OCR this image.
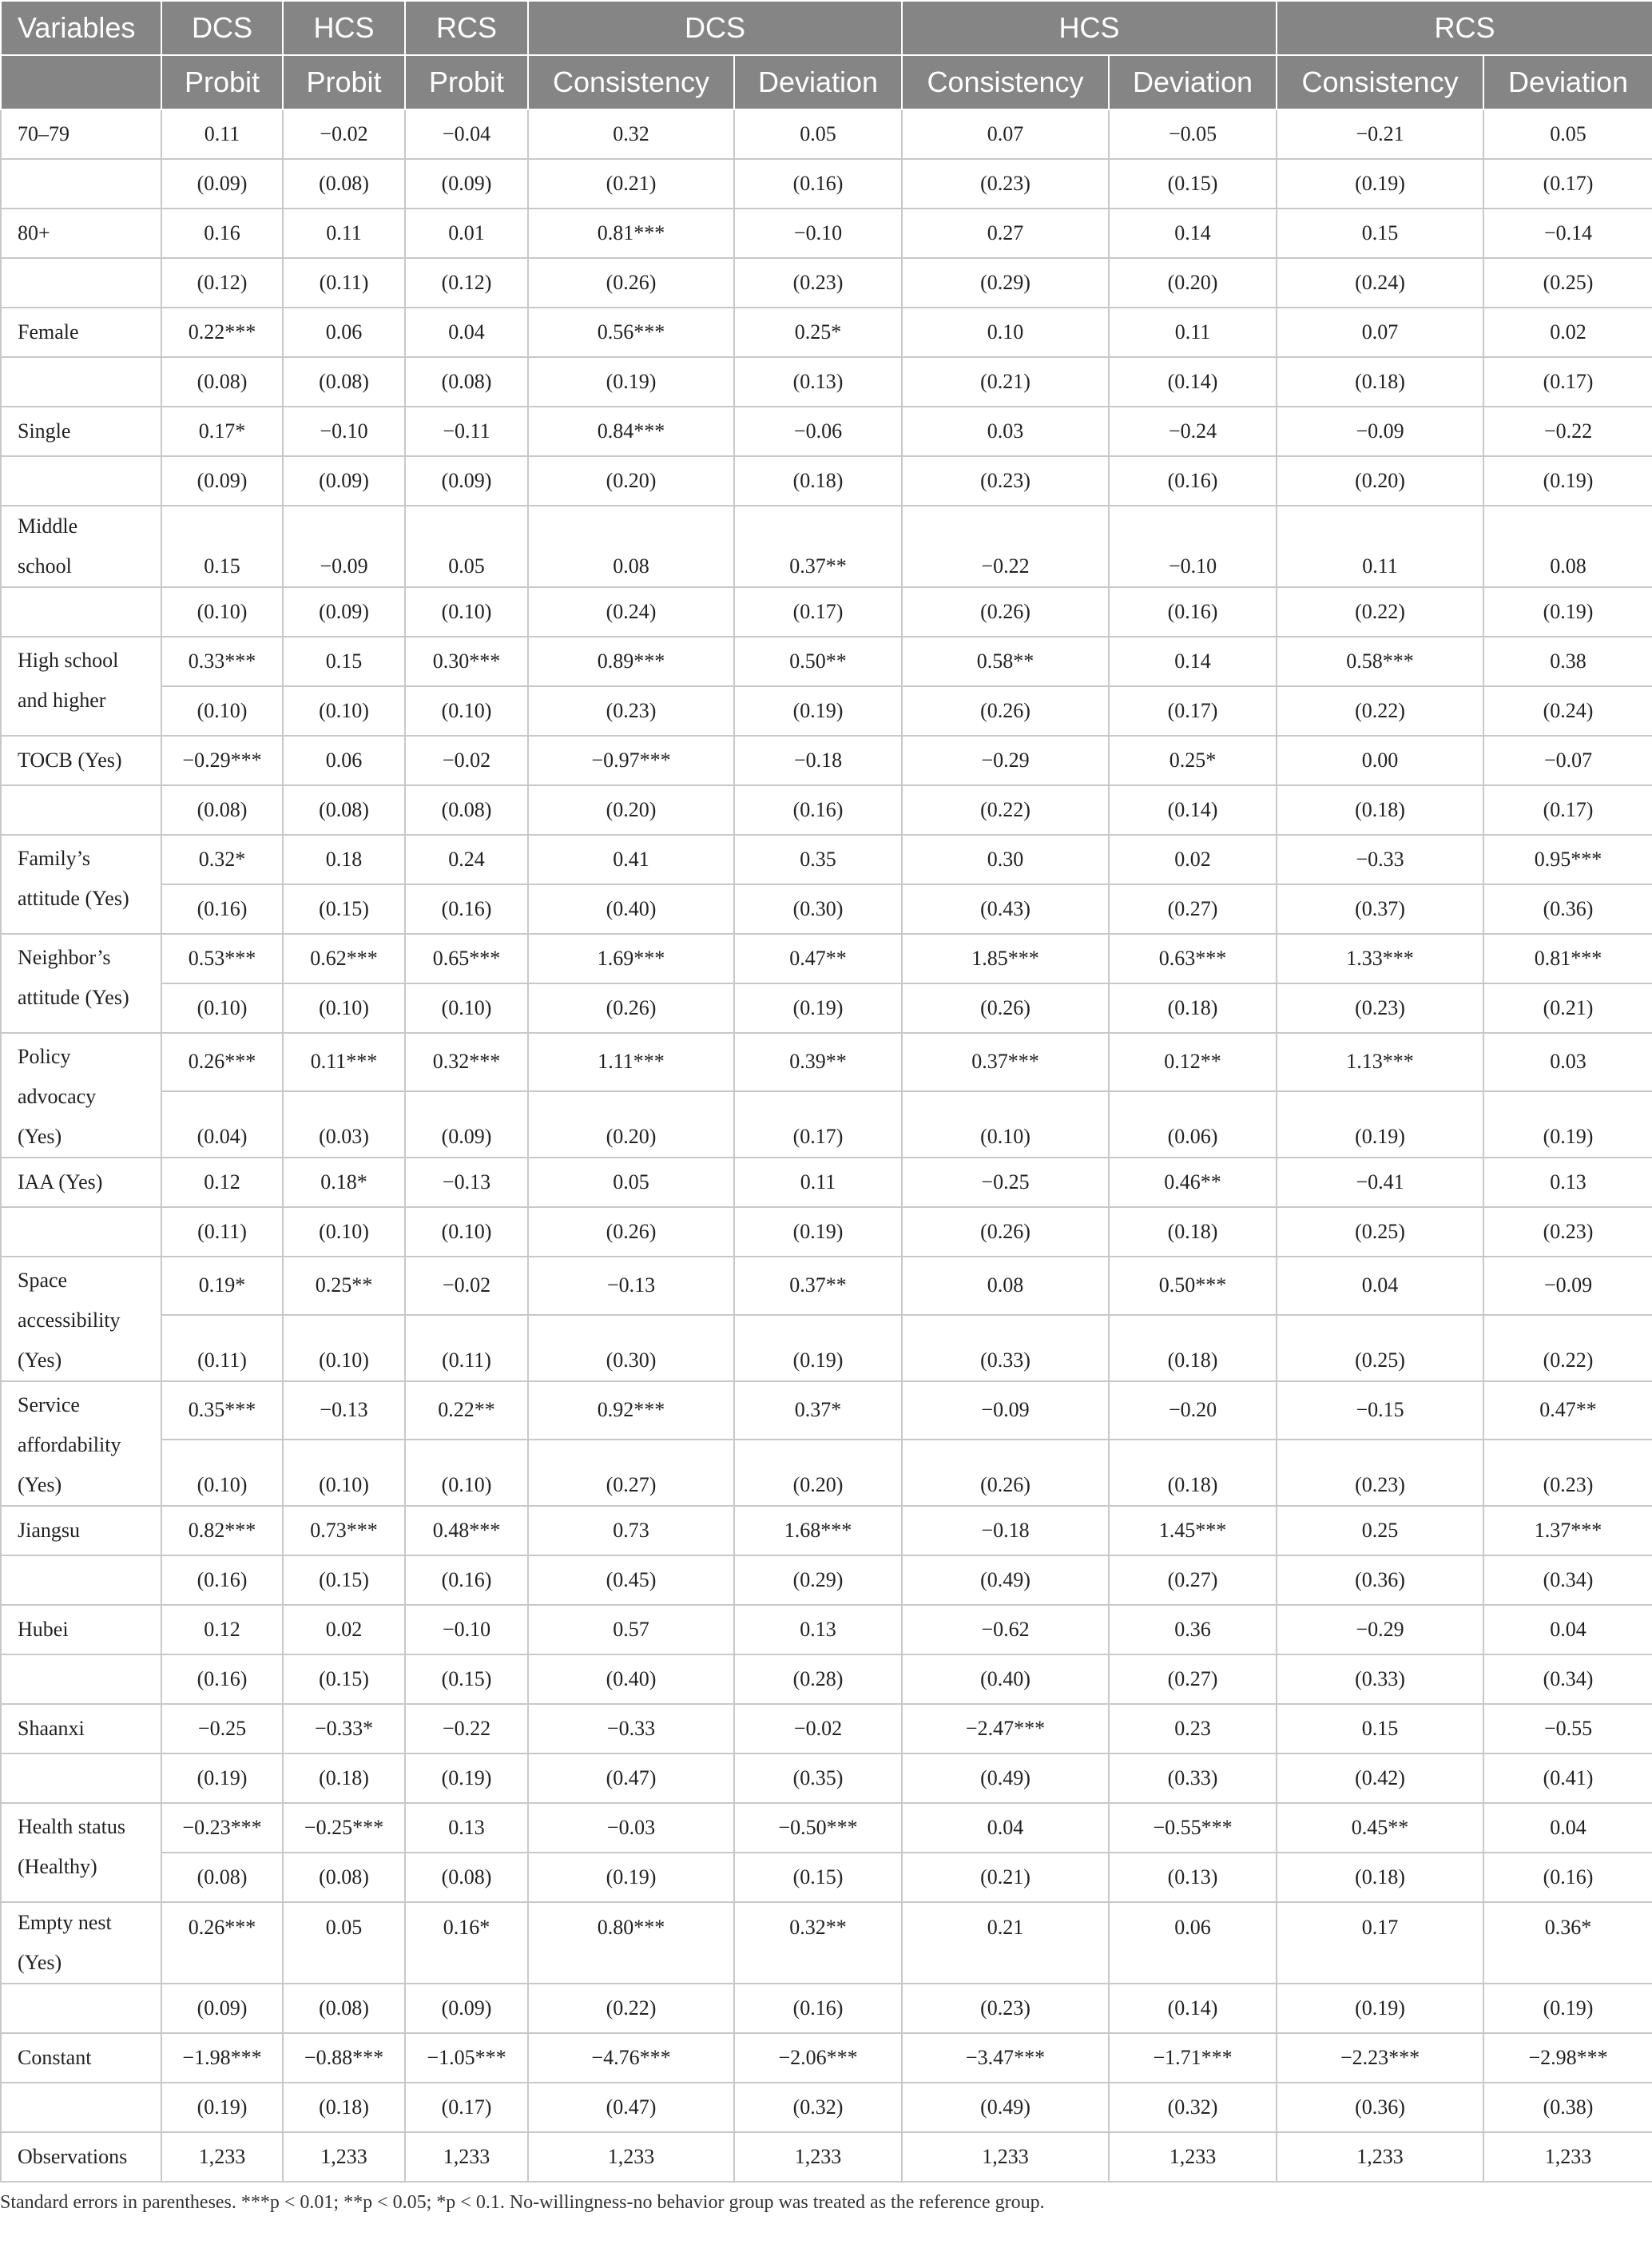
Variables	DCS	HCS	RCS	DCS		HCS		RCS	
	Probit	Probit	Probit	Consistency	Deviation	Consistency	Deviation	Consistency	Deviation

70–79	0.11	−0.02	−0.04	0.32	0.05	0.07	−0.05	−0.21	0.05
	(0.09)	(0.08)	(0.09)	(0.21)	(0.16)	(0.23)	(0.15)	(0.19)	(0.17)

80+	0.16	0.11	0.01	0.81***	−0.10	0.27	0.14	0.15	−0.14
	(0.12)	(0.11)	(0.12)	(0.26)	(0.23)	(0.29)	(0.20)	(0.24)	(0.25)

Female	0.22***	0.06	0.04	0.56***	0.25*	0.10	0.11	0.07	0.02
	(0.08)	(0.08)	(0.08)	(0.19)	(0.13)	(0.21)	(0.14)	(0.18)	(0.17)

Single	0.17*	−0.10	−0.11	0.84***	−0.06	0.03	−0.24	−0.09	−0.22
	(0.09)	(0.09)	(0.09)	(0.20)	(0.18)	(0.23)	(0.16)	(0.20)	(0.19)

Middle
school	0.15	−0.09	0.05	0.08	0.37**	−0.22	−0.10	0.11	0.08
	(0.10)	(0.09)	(0.10)	(0.24)	(0.17)	(0.26)	(0.16)	(0.22)	(0.19)

High school
and higher	0.33***	0.15	0.30***	0.89***	0.50**	0.58**	0.14	0.58***	0.38
	(0.10)	(0.10)	(0.10)	(0.23)	(0.19)	(0.26)	(0.17)	(0.22)	(0.24)

TOCB (Yes)	−0.29***	0.06	−0.02	−0.97***	−0.18	−0.29	0.25*	0.00	−0.07
	(0.08)	(0.08)	(0.08)	(0.20)	(0.16)	(0.22)	(0.14)	(0.18)	(0.17)

Family’s
attitude (Yes)	0.32*	0.18	0.24	0.41	0.35	0.30	0.02	−0.33	0.95***
	(0.16)	(0.15)	(0.16)	(0.40)	(0.30)	(0.43)	(0.27)	(0.37)	(0.36)

Neighbor’s
attitude (Yes)	0.53***	0.62***	0.65***	1.69***	0.47**	1.85***	0.63***	1.33***	0.81***
	(0.10)	(0.10)	(0.10)	(0.26)	(0.19)	(0.26)	(0.18)	(0.23)	(0.21)

Policy
advocacy
(Yes)	0.26***	0.11***	0.32***	1.11***	0.39**	0.37***	0.12**	1.13***	0.03
	(0.04)	(0.03)	(0.09)	(0.20)	(0.17)	(0.10)	(0.06)	(0.19)	(0.19)

IAA (Yes)	0.12	0.18*	−0.13	0.05	0.11	−0.25	0.46**	−0.41	0.13
	(0.11)	(0.10)	(0.10)	(0.26)	(0.19)	(0.26)	(0.18)	(0.25)	(0.23)

Space
accessibility
(Yes)	0.19*	0.25**	−0.02	−0.13	0.37**	0.08	0.50***	0.04	−0.09
	(0.11)	(0.10)	(0.11)	(0.30)	(0.19)	(0.33)	(0.18)	(0.25)	(0.22)

Service
affordability
(Yes)	0.35***	−0.13	0.22**	0.92***	0.37*	−0.09	−0.20	−0.15	0.47**
	(0.10)	(0.10)	(0.10)	(0.27)	(0.20)	(0.26)	(0.18)	(0.23)	(0.23)

Jiangsu	0.82***	0.73***	0.48***	0.73	1.68***	−0.18	1.45***	0.25	1.37***
	(0.16)	(0.15)	(0.16)	(0.45)	(0.29)	(0.49)	(0.27)	(0.36)	(0.34)

Hubei	0.12	0.02	−0.10	0.57	0.13	−0.62	0.36	−0.29	0.04
	(0.16)	(0.15)	(0.15)	(0.40)	(0.28)	(0.40)	(0.27)	(0.33)	(0.34)

Shaanxi	−0.25	−0.33*	−0.22	−0.33	−0.02	−2.47***	0.23	0.15	−0.55
	(0.19)	(0.18)	(0.19)	(0.47)	(0.35)	(0.49)	(0.33)	(0.42)	(0.41)

Health status
(Healthy)	−0.23***	−0.25***	0.13	−0.03	−0.50***	0.04	−0.55***	0.45**	0.04
	(0.08)	(0.08)	(0.08)	(0.19)	(0.15)	(0.21)	(0.13)	(0.18)	(0.16)

Empty nest
(Yes)	0.26***	0.05	0.16*	0.80***	0.32**	0.21	0.06	0.17	0.36*
	(0.09)	(0.08)	(0.09)	(0.22)	(0.16)	(0.23)	(0.14)	(0.19)	(0.19)

Constant	−1.98***	−0.88***	−1.05***	−4.76***	−2.06***	−3.47***	−1.71***	−2.23***	−2.98***
	(0.19)	(0.18)	(0.17)	(0.47)	(0.32)	(0.49)	(0.32)	(0.36)	(0.38)

Observations	1,233	1,233	1,233	1,233	1,233	1,233	1,233	1,233	1,233
Standard errors in parentheses. ***p < 0.01; **p < 0.05; *p < 0.1. No-willingness-no behavior group was treated as the reference group.
